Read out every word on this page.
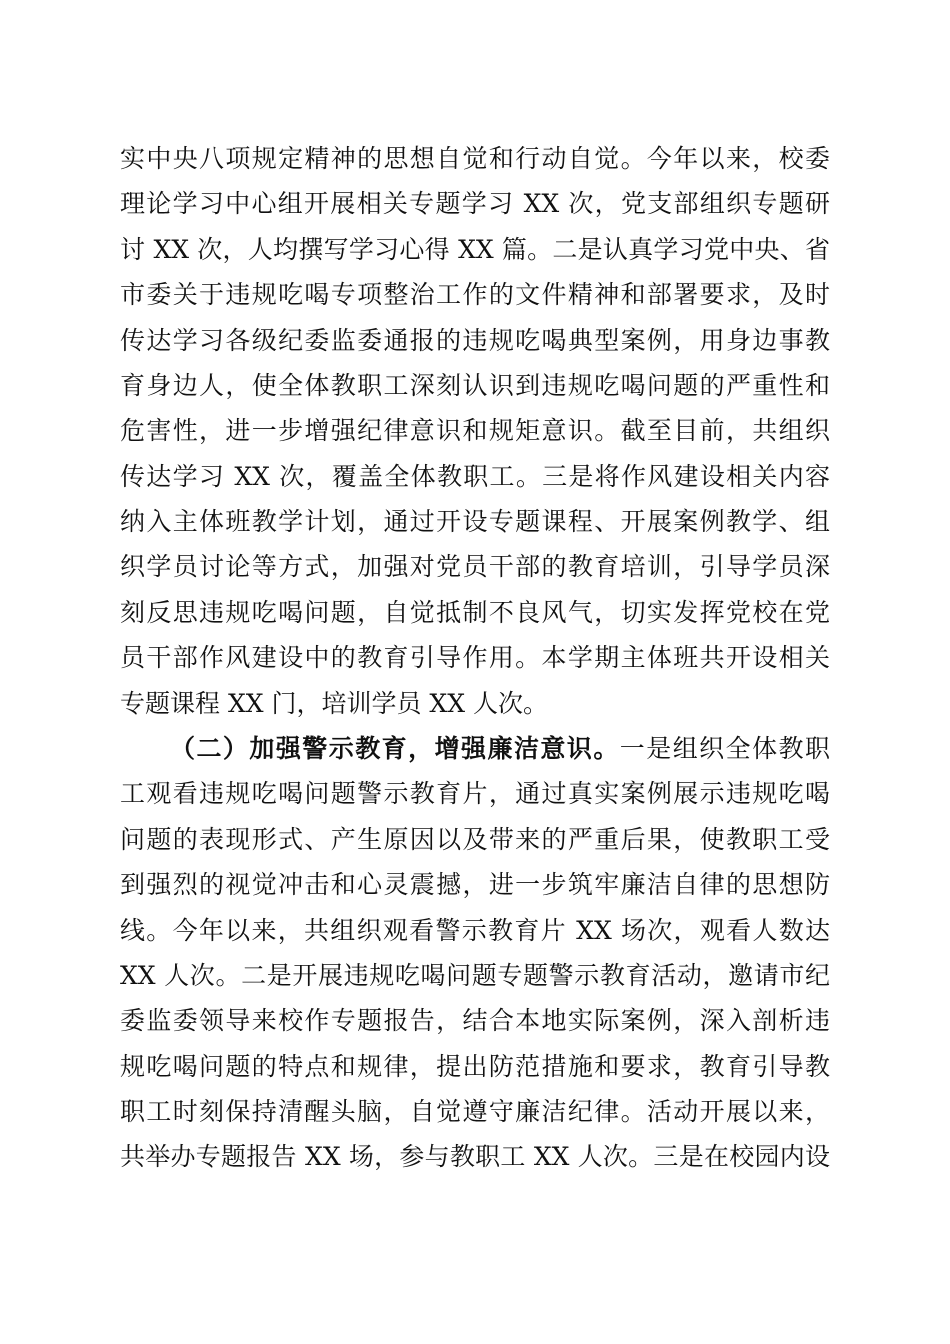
实中央八项规定精神的思想自觉和行动自觉。今年以来，校委
理论学习中心组开展相关专题学习 XX 次，党支部组织专题研
讨 XX 次，人均撰写学习心得 XX 篇。二是认真学习党中央、省
市委关于违规吃喝专项整治工作的文件精神和部署要求，及时
传达学习各级纪委监委通报的违规吃喝典型案例，用身边事教
育身边人，使全体教职工深刻认识到违规吃喝问题的严重性和
危害性，进一步增强纪律意识和规矩意识。截至目前，共组织
传达学习 XX 次，覆盖全体教职工。三是将作风建设相关内容
纳入主体班教学计划，通过开设专题课程、开展案例教学、组
织学员讨论等方式，加强对党员干部的教育培训，引导学员深
刻反思违规吃喝问题，自觉抵制不良风气，切实发挥党校在党
员干部作风建设中的教育引导作用。本学期主体班共开设相关
专题课程 XX 门，培训学员 XX 人次。
（二）加强警示教育，增强廉洁意识。一是组织全体教职
工观看违规吃喝问题警示教育片，通过真实案例展示违规吃喝
问题的表现形式、产生原因以及带来的严重后果，使教职工受
到强烈的视觉冲击和心灵震撼，进一步筑牢廉洁自律的思想防
线。今年以来，共组织观看警示教育片 XX 场次，观看人数达
XX 人次。二是开展违规吃喝问题专题警示教育活动，邀请市纪
委监委领导来校作专题报告，结合本地实际案例，深入剖析违
规吃喝问题的特点和规律，提出防范措施和要求，教育引导教
职工时刻保持清醒头脑，自觉遵守廉洁纪律。活动开展以来，
共举办专题报告 XX 场，参与教职工 XX 人次。三是在校园内设
